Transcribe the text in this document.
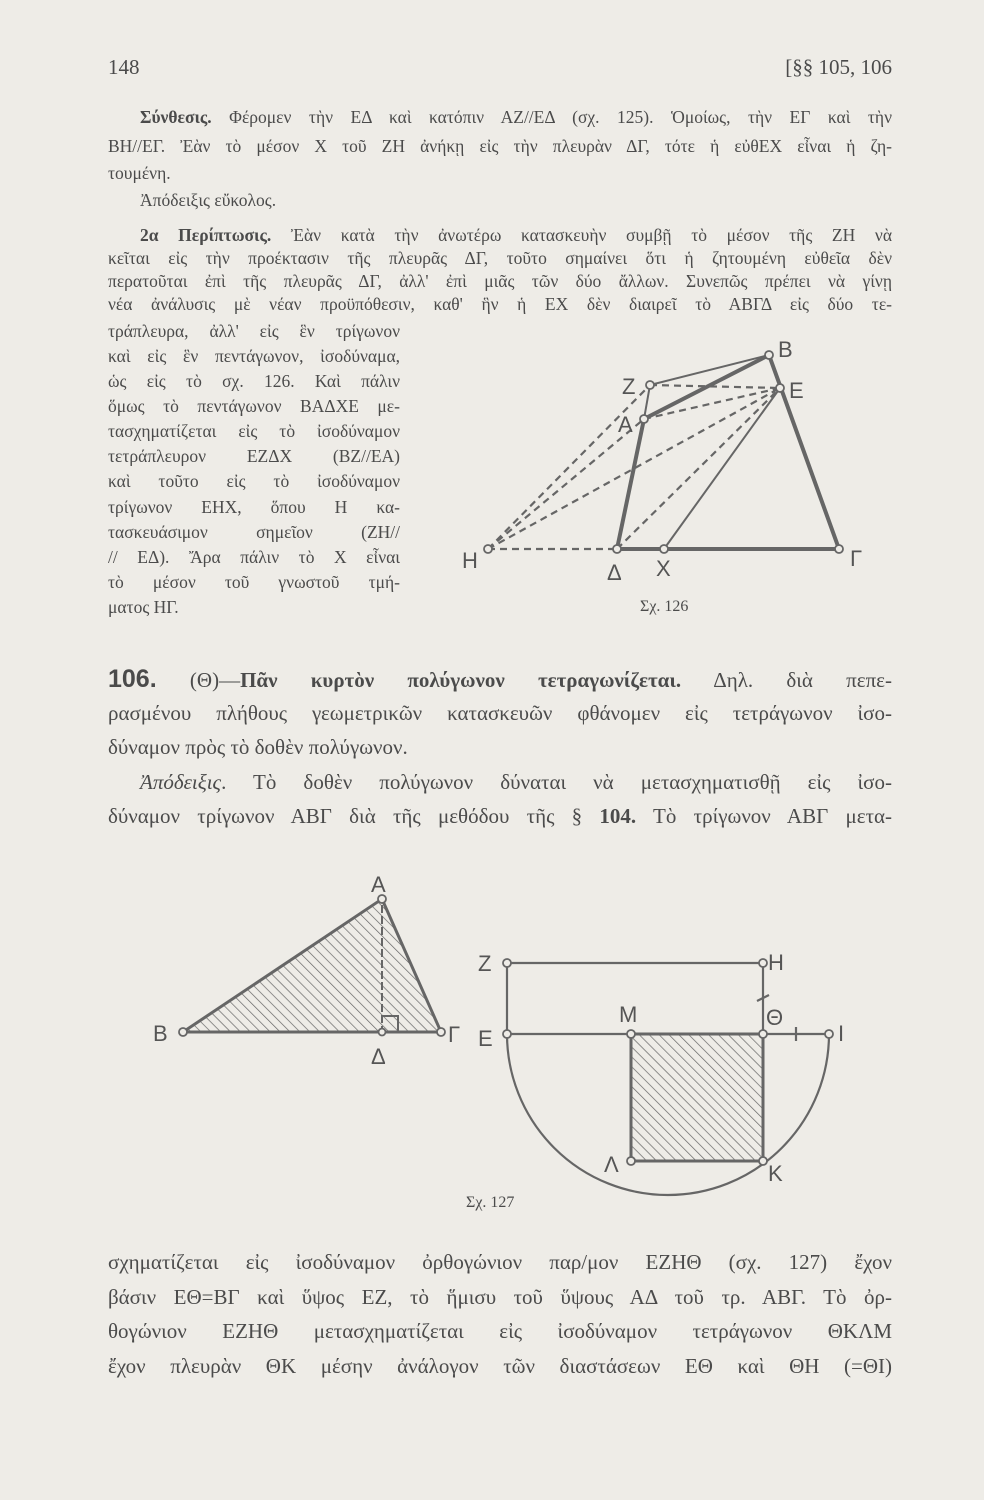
148	[§§ 105, 106
Σύνθεσις. Φέρομεν τὴν ΕΔ καὶ κατόπιν ΑΖ//ΕΔ (σχ. 125). Ὁμοίως, τὴν ΕΓ καὶ τὴν
ΒΗ//ΕΓ. Ἐὰν τὸ μέσον Χ τοῦ ΖΗ ἀνήκῃ εἰς τὴν πλευρὰν ΔΓ, τότε ἡ εὐθΕΧ εἶναι ἡ ζη-
τουμένη.
Ἀπόδειξις εὔκολος.
2α Περίπτωσις. Ἐὰν κατὰ τὴν ἀνωτέρω κατασκευὴν συμβῇ τὸ μέσον τῆς ΖΗ νὰ
κεῖται εἰς τὴν προέκτασιν τῆς πλευρᾶς ΔΓ, τοῦτο σημαίνει ὅτι ἡ ζητουμένη εὐθεῖα δὲν
περατοῦται ἐπὶ τῆς πλευρᾶς ΔΓ, ἀλλ' ἐπὶ μιᾶς τῶν δύο ἄλλων. Συνεπῶς πρέπει νὰ γίνῃ
νέα ἀνάλυσις μὲ νέαν προϋπόθεσιν, καθ' ἣν ἡ ΕΧ δὲν διαιρεῖ τὸ ΑΒΓΔ εἰς δύο τε-
τράπλευρα, ἀλλ' εἰς ἓν τρίγωνον
καὶ εἰς ἓν πεντάγωνον, ἰσοδύναμα,
ὡς εἰς τὸ σχ. 126. Καὶ πάλιν
ὅμως τὸ πεντάγωνον ΒΑΔΧΕ με-
τασχηματίζεται εἰς τὸ ἰσοδύναμον
τετράπλευρον ΕΖΔΧ (ΒΖ//ΕΑ)
καὶ τοῦτο εἰς τὸ ἰσοδύναμον
τρίγωνον ΕΗΧ, ὅπου Η κα-
τασκευάσιμον σημεῖον (ΖΗ//
// ΕΔ). Ἄρα πάλιν τὸ Χ εἶναι
τὸ μέσον τοῦ γνωστοῦ τμή-
ματος ΗΓ.
106. (Θ)—Πᾶν κυρτὸν πολύγωνον τετραγωνίζεται. Δηλ. διὰ πεπε-
ρασμένου πλήθους γεωμετρικῶν κατασκευῶν φθάνομεν εἰς τετράγωνον ἰσο-
δύναμον πρὸς τὸ δοθὲν πολύγωνον.
Ἀπόδειξις. Τὸ δοθὲν πολύγωνον δύναται νὰ μετασχηματισθῇ εἰς ἰσο-
δύναμον τρίγωνον ΑΒΓ διὰ τῆς μεθόδου τῆς § 104. Τὸ τρίγωνον ΑΒΓ μετα-
σχηματίζεται εἰς ἰσοδύναμον ὀρθογώνιον παρ/μον ΕΖΗΘ (σχ. 127) ἔχον
βάσιν ΕΘ=ΒΓ καὶ ὕψος ΕΖ, τὸ ἥμισυ τοῦ ὕψους ΑΔ τοῦ τρ. ΑΒΓ. Τὸ ὀρ-
θογώνιον ΕΖΗΘ μετασχηματίζεται εἰς ἰσοδύναμον τετράγωνον ΘΚΛΜ
ἔχον πλευρὰν ΘΚ μέσην ἀνάλογον τῶν διαστάσεων ΕΘ καὶ ΘΗ (=ΘΙ)
Β
Ζ	Ε
Α
Η	Δ Χ	Γ
Σχ. 126
Α
Β	Γ
Δ
Ζ	Η
Ε
Μ	Θ
Ι
Λ	Κ
Σχ. 127
